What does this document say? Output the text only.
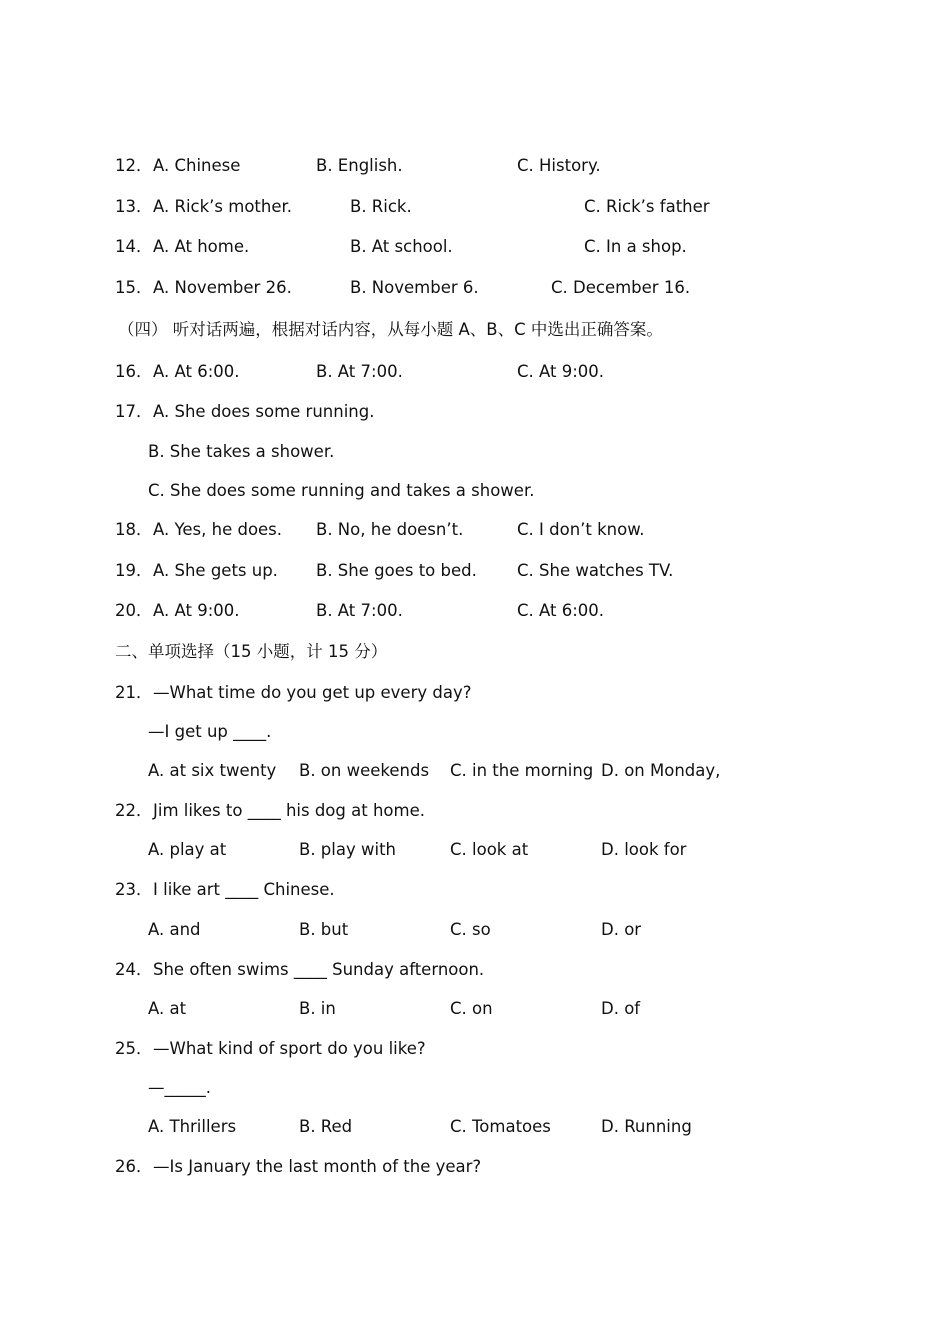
12． A. Chinese	B. English.	C. History.
13． A. Rick’s mother.	B. Rick.	C. Rick’s father
14． A. At home.	B. At school.	C. In a shop.
15． A. November 26.	B. November 6.	C. December 16.
（四） 听对话两遍，根据对话内容，从每小题 A、B、C 中选出正确答案。
16． A. At 6:00.	B. At 7:00.	C. At 9:00.
17． A. She does some running.
B. She takes a shower.
C. She does some running and takes a shower.
18． A. Yes, he does. B. No, he doesn’t.	C. I don’t know.
19． A. She gets up. B. She goes to bed. C. She watches TV.
20． A. At 9:00.	B. At 7:00.	C. At 6:00.
二、单项选择（15 小题，计 15 分）
21． —What time do you get up every day?
—I get up ____.
A. at six twenty B. on weekends C. in the morning D. on Monday,
22． Jim likes to ____ his dog at home.
A. play at	B. play with	C. look at	D. look for
23． I like art ____ Chinese.
A. and	B. but	C. so	D. or
24． She often swims ____ Sunday afternoon.
A. at	B. in	C. on	D. of
25． —What kind of sport do you like?
—_____.
A. Thrillers	B. Red	C. Tomatoes	D. Running
26． —Is January the last month of the year?
